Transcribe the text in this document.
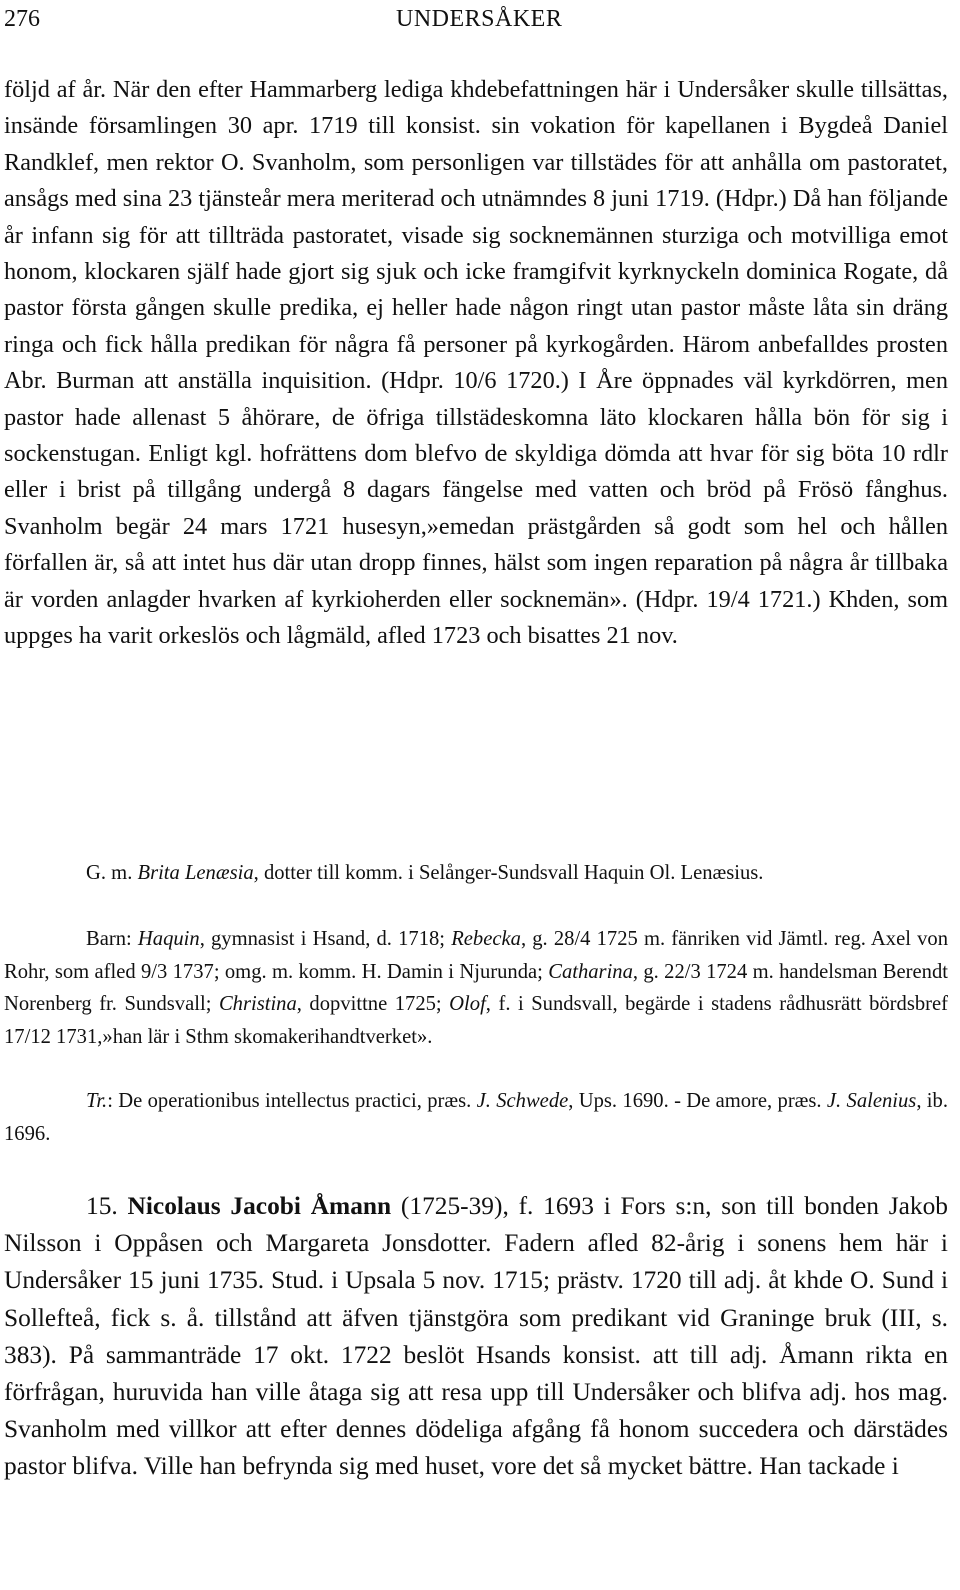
276	UNDERSÅKER

följd af år. När den efter Hammarberg lediga khdebefattningen här i Undersåker skulle tillsättas, insände församlingen 30 apr. 1719 till konsist. sin vokation för kapellanen i Bygdeå Daniel Randklef, men rektor O. Svanholm, som personligen var tillstädes för att anhålla om pastoratet, ansågs med sina 23 tjänsteår mera meriterad och utnämndes 8 juni 1719. (Hdpr.) Då han följande år infann sig för att tillträda pastoratet, visade sig socknemännen sturziga och motvilliga emot honom, klockaren själf hade gjort sig sjuk och icke framgifvit kyrknyckeln dominica Rogate, då pastor första gången skulle predika, ej heller hade någon ringt utan pastor måste låta sin dräng ringa och fick hålla predikan för några få personer på kyrkogården. Härom anbefalldes prosten Abr. Burman att anställa inquisition. (Hdpr. 10/6 1720.) I Åre öppnades väl kyrkdörren, men pastor hade allenast 5 åhörare, de öfriga tillstädeskomna läto klockaren hålla bön för sig i sockenstugan. Enligt kgl. hofrättens dom blefvo de skyldiga dömda att hvar för sig böta 10 rdlr eller i brist på tillgång undergå 8 dagars fängelse med vatten och bröd på Frösö fånghus. Svanholm begär 24 mars 1721 husesyn,»emedan prästgården så godt som hel och hållen förfallen är, så att intet hus där utan dropp finnes, hälst som ingen reparation på några år tillbaka är vorden anlagder hvarken af kyrkioherden eller socknemän». (Hdpr. 19/4 1721.) Khden, som uppges ha varit orkeslös och lågmäld, afled 1723 och bisattes 21 nov.

G. m. Brita Lenæsia, dotter till komm. i Selånger-Sundsvall Haquin Ol. Lenæsius.

Barn: Haquin, gymnasist i Hsand, d. 1718; Rebecka, g. 28/4 1725 m. fänriken vid Jämtl. reg. Axel von Rohr, som afled 9/3 1737; omg. m. komm. H. Damin i Njurunda; Catharina, g. 22/3 1724 m. handelsman Berendt Norenberg fr. Sundsvall; Christina, dopvittne 1725; Olof, f. i Sundsvall, begärde i stadens rådhusrätt bördsbref 17/12 1731,»han lär i Sthm skomakerihandtverket».

Tr.: De operationibus intellectus practici, præs. J. Schwede, Ups. 1690. - De amore, præs. J. Salenius, ib. 1696.

15. Nicolaus Jacobi Åmann (1725-39), f. 1693 i Fors s:n, son till bonden Jakob Nilsson i Oppåsen och Margareta Jonsdotter. Fadern afled 82-årig i sonens hem här i Undersåker 15 juni 1735. Stud. i Upsala 5 nov. 1715; prästv. 1720 till adj. åt khde O. Sund i Sollefteå, fick s. å. tillstånd att äfven tjänstgöra som predikant vid Graninge bruk (III, s. 383). På sammanträde 17 okt. 1722 beslöt Hsands konsist. att till adj. Åmann rikta en förfrågan, huruvida han ville åtaga sig att resa upp till Undersåker och blifva adj. hos mag. Svanholm med villkor att efter dennes dödeliga afgång få honom succedera och därstädes pastor blifva. Ville han befrynda sig med huset, vore det så mycket bättre. Han tackade i
